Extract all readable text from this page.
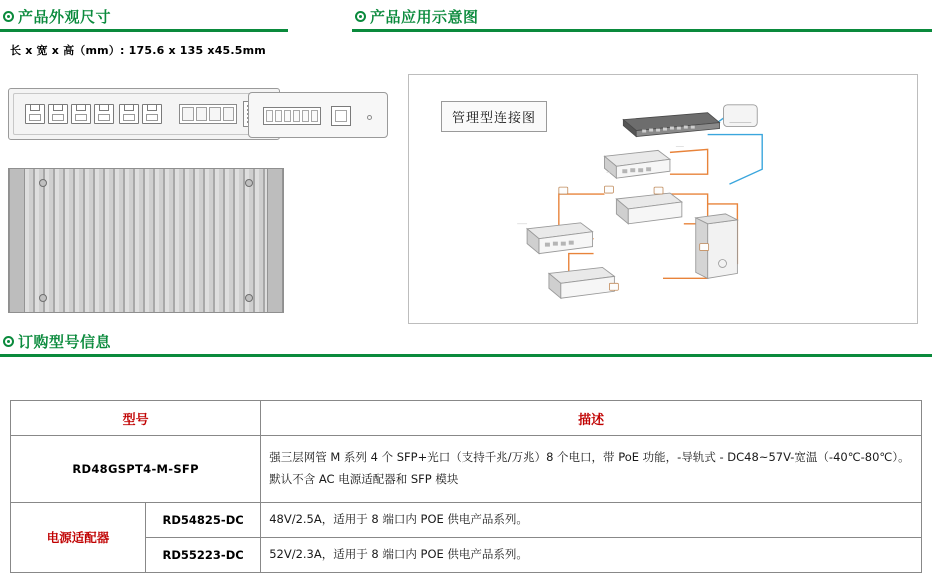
产品外观尺寸	产品应用示意图
长 x 宽 x 高（mm）: 175.6 x 135 x45.5mm
管理型连接图
订购型号信息
型号		描述
RD48GSPT4-M-SFP		强三层网管 M 系列 4 个 SFP+光口（支持千兆/万兆）8 个电口，带 PoE 功能，-导轨式 - DC48~57V-宽温（-40℃-80℃）。默认不含 AC 电源适配器和 SFP 模块
电源适配器	RD54825-DC	48V/2.5A，适用于 8 端口内 POE 供电产品系列。
	RD55223-DC	52V/2.3A，适用于 8 端口内 POE 供电产品系列。
